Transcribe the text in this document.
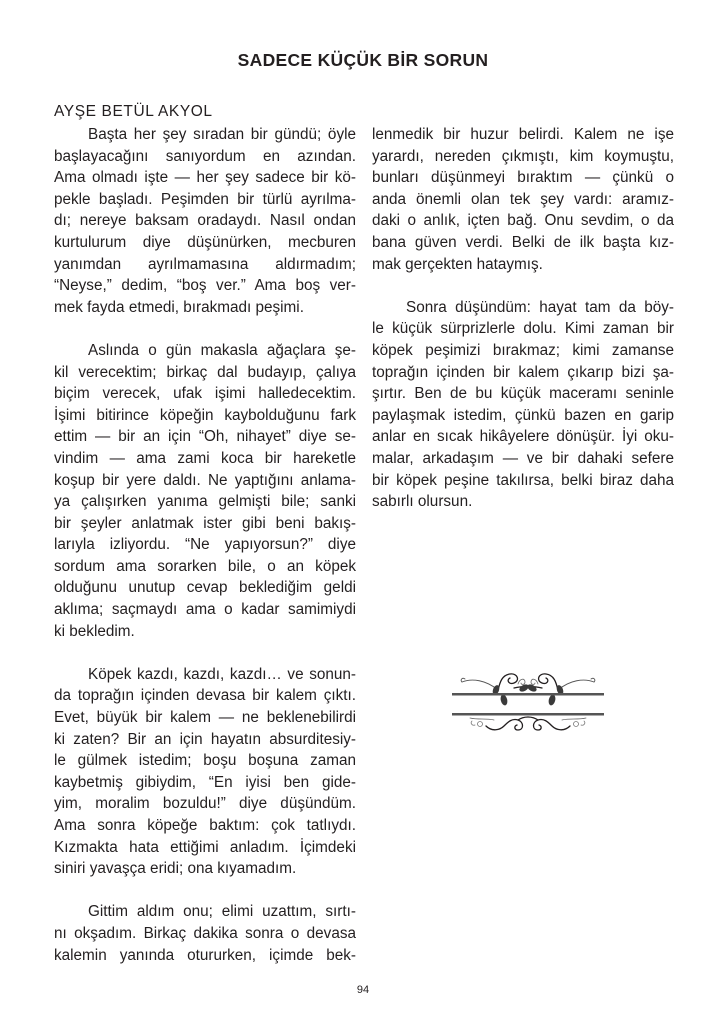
SADECE KÜÇÜK BİR SORUN
AYŞE BETÜL AKYOL

Başta her şey sıradan bir gündü; öyle
başlayacağını sanıyordum en azından.
Ama olmadı işte — her şey sadece bir kö-
pekle başladı. Peşimden bir türlü ayrılma-
dı; nereye baksam oradaydı. Nasıl ondan
kurtulurum diye düşünürken, mecburen
yanımdan ayrılmamasına aldırmadım;
“Neyse,” dedim, “boş ver.” Ama boş ver-
mek fayda etmedi, bırakmadı peşimi.

Aslında o gün makasla ağaçlara şe-
kil verecektim; birkaç dal budayıp, çalıya
biçim verecek, ufak işimi halledecektim.
İşimi bitirince köpeğin kaybolduğunu fark
ettim — bir an için “Oh, nihayet” diye se-
vindim — ama zami koca bir hareketle
koşup bir yere daldı. Ne yaptığını anlama-
ya çalışırken yanıma gelmişti bile; sanki
bir şeyler anlatmak ister gibi beni bakış-
larıyla izliyordu. “Ne yapıyorsun?” diye
sordum ama sorarken bile, o an köpek
olduğunu unutup cevap beklediğim geldi
aklıma; saçmaydı ama o kadar samimiydi
ki bekledim.

Köpek kazdı, kazdı, kazdı… ve sonun-
da toprağın içinden devasa bir kalem çıktı.
Evet, büyük bir kalem — ne beklenebilirdi
ki zaten? Bir an için hayatın absurditesiy-
le gülmek istedim; boşu boşuna zaman
kaybetmiş gibiydim, “En iyisi ben gide-
yim, moralim bozuldu!” diye düşündüm.
Ama sonra köpeğe baktım: çok tatlıydı.
Kızmakta hata ettiğimi anladım. İçimdeki
siniri yavaşça eridi; ona kıyamadım.

Gittim aldım onu; elimi uzattım, sırtı-
nı okşadım. Birkaç dakika sonra o devasa
kalemin yanında otururken, içimde bek-

lenmedik bir huzur belirdi. Kalem ne işe
yarardı, nereden çıkmıştı, kim koymuştu,
bunları düşünmeyi bıraktım — çünkü o
anda önemli olan tek şey vardı: aramız-
daki o anlık, içten bağ. Onu sevdim, o da
bana güven verdi. Belki de ilk başta kız-
mak gerçekten hataymış.

Sonra düşündüm: hayat tam da böy-
le küçük sürprizlerle dolu. Kimi zaman bir
köpek peşimizi bırakmaz; kimi zamanse
toprağın içinden bir kalem çıkarıp bizi şa-
şırtır. Ben de bu küçük maceramı seninle
paylaşmak istedim, çünkü bazen en garip
anlar en sıcak hikâyelere dönüşür. İyi oku-
malar, arkadaşım — ve bir dahaki sefere
bir köpek peşine takılırsa, belki biraz daha
sabırlı olursun.

94
